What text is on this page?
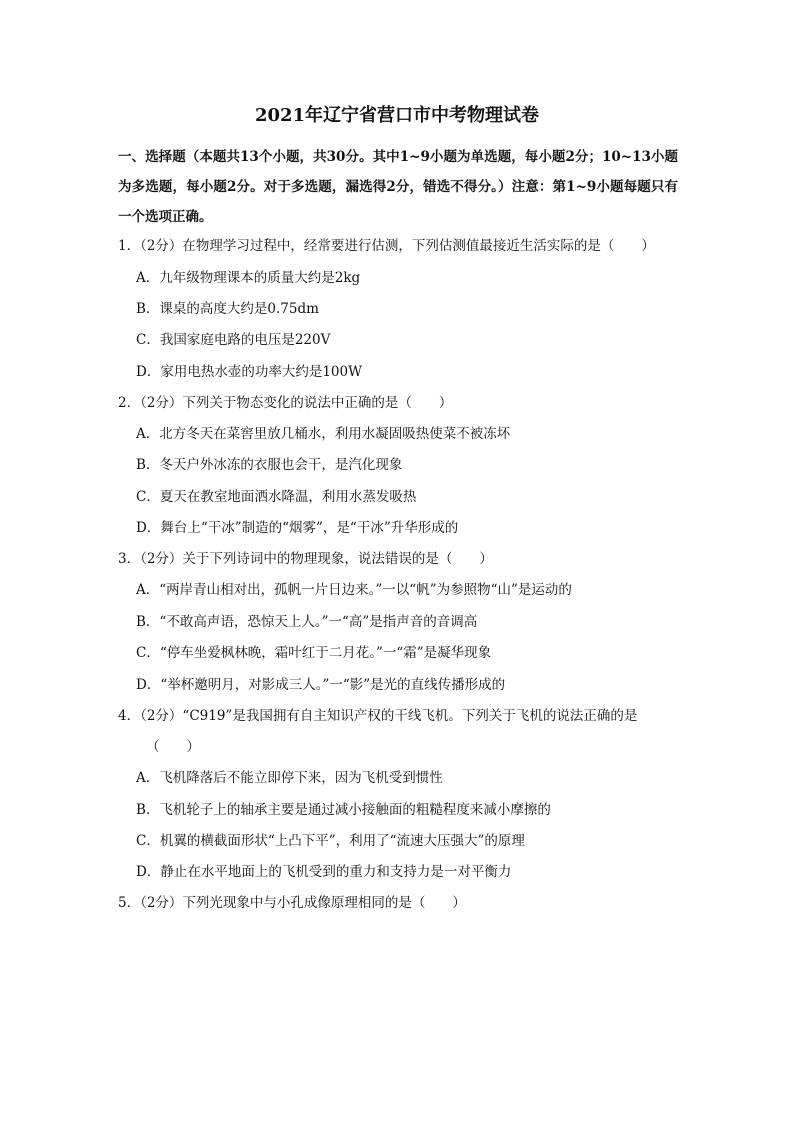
2021年辽宁省营口市中考物理试卷

一、选择题（本题共13个小题，共30分。其中1~9小题为单选题，每小题2分；10~13小题为多选题，每小题2分。对于多选题，漏选得2分，错选不得分。）注意：第1~9小题每题只有一个选项正确。

1．（2分）在物理学习过程中，经常要进行估测，下列估测值最接近生活实际的是（　　）

A．九年级物理课本的质量大约是2kg

B．课桌的高度大约是0.75dm

C．我国家庭电路的电压是220V

D．家用电热水壶的功率大约是100W

2．（2分）下列关于物态变化的说法中正确的是（　　）

A．北方冬天在菜窖里放几桶水，利用水凝固吸热使菜不被冻坏

B．冬天户外冰冻的衣服也会干，是汽化现象

C．夏天在教室地面洒水降温，利用水蒸发吸热

D．舞台上“干冰”制造的“烟雾”，是“干冰”升华形成的

3．（2分）关于下列诗词中的物理现象，说法错误的是（　　）

A．“两岸青山相对出，孤帆一片日边来。”一以“帆”为参照物“山”是运动的

B．“不敢高声语，恐惊天上人。”一“高”是指声音的音调高

C．“停车坐爱枫林晚，霜叶红于二月花。”一“霜”是凝华现象

D．“举杯邀明月，对影成三人。”一“影”是光的直线传播形成的

4．（2分）“C919”是我国拥有自主知识产权的干线飞机。下列关于飞机的说法正确的是

（　　）

A．飞机降落后不能立即停下来，因为飞机受到惯性

B．飞机轮子上的轴承主要是通过减小接触面的粗糙程度来减小摩擦的

C．机翼的横截面形状“上凸下平”，利用了“流速大压强大”的原理

D．静止在水平地面上的飞机受到的重力和支持力是一对平衡力

5．（2分）下列光现象中与小孔成像原理相同的是（　　）
